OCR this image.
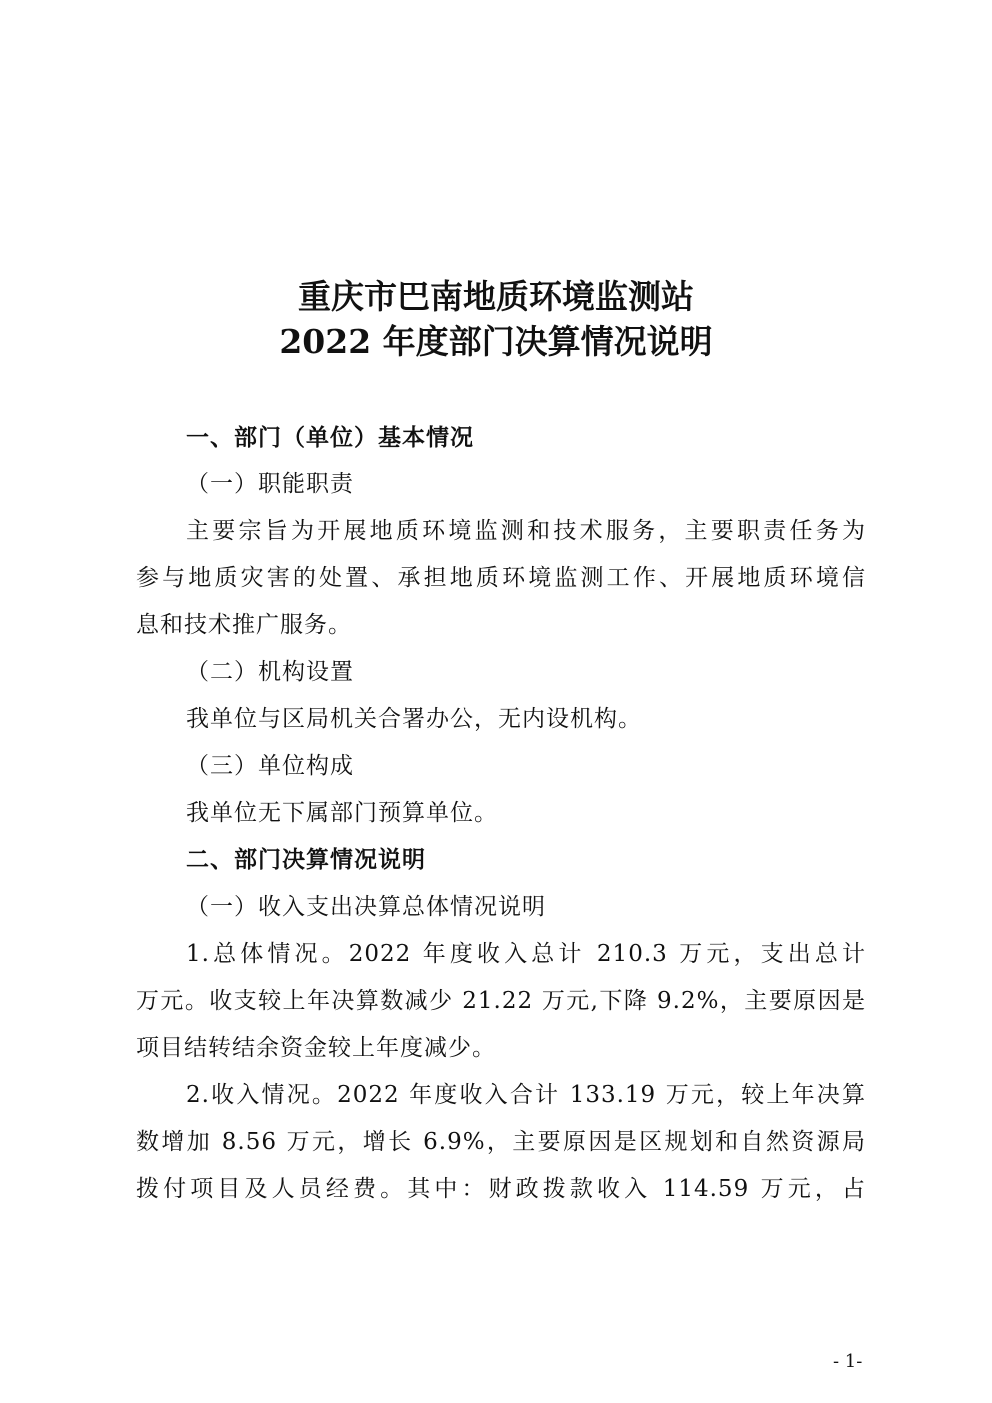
重庆市巴南地质环境监测站
2022 年度部门决算情况说明
一、部门（单位）基本情况
（一）职能职责
主要宗旨为开展地质环境监测和技术服务，主要职责任务为
参与地质灾害的处置、承担地质环境监测工作、开展地质环境信
息和技术推广服务。
（二）机构设置
我单位与区局机关合署办公，无内设机构。
（三）单位构成
我单位无下属部门预算单位。
二、部门决算情况说明
（一）收入支出决算总体情况说明
1.总体情况。2022 年度收入总计 210.3 万元，支出总计
万元。收支较上年决算数减少 21.22 万元,下降 9.2%，主要原因是
项目结转结余资金较上年度减少。
2.收入情况。2022 年度收入合计 133.19 万元，较上年决算
数增加 8.56 万元，增长 6.9%，主要原因是区规划和自然资源局
拨付项目及人员经费。其中：财政拨款收入 114.59 万元，占
- 1-
